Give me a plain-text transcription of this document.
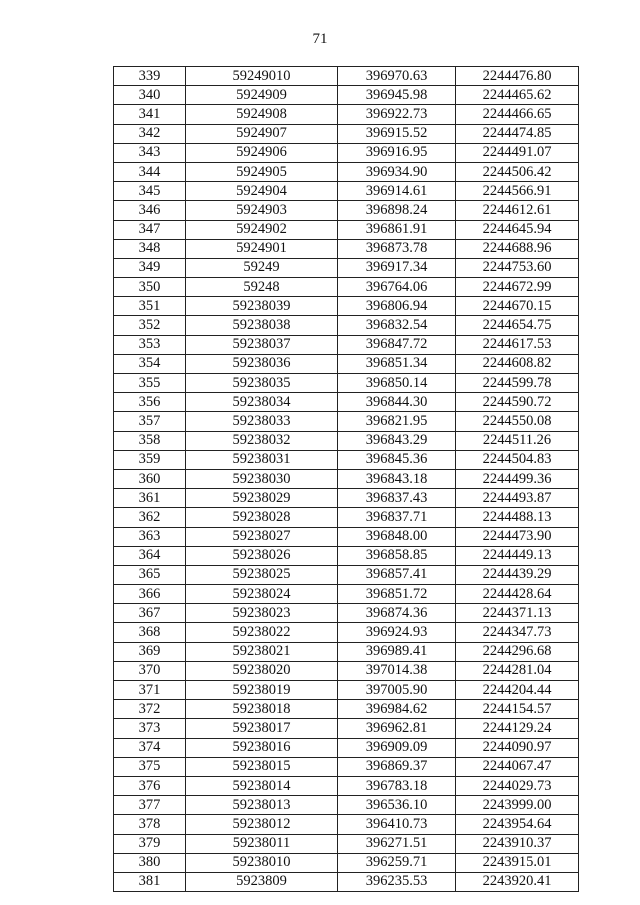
71
339	59249010	396970.63	2244476.80
340	5924909	396945.98	2244465.62
341	5924908	396922.73	2244466.65
342	5924907	396915.52	2244474.85
343	5924906	396916.95	2244491.07
344	5924905	396934.90	2244506.42
345	5924904	396914.61	2244566.91
346	5924903	396898.24	2244612.61
347	5924902	396861.91	2244645.94
348	5924901	396873.78	2244688.96
349	59249	396917.34	2244753.60
350	59248	396764.06	2244672.99
351	59238039	396806.94	2244670.15
352	59238038	396832.54	2244654.75
353	59238037	396847.72	2244617.53
354	59238036	396851.34	2244608.82
355	59238035	396850.14	2244599.78
356	59238034	396844.30	2244590.72
357	59238033	396821.95	2244550.08
358	59238032	396843.29	2244511.26
359	59238031	396845.36	2244504.83
360	59238030	396843.18	2244499.36
361	59238029	396837.43	2244493.87
362	59238028	396837.71	2244488.13
363	59238027	396848.00	2244473.90
364	59238026	396858.85	2244449.13
365	59238025	396857.41	2244439.29
366	59238024	396851.72	2244428.64
367	59238023	396874.36	2244371.13
368	59238022	396924.93	2244347.73
369	59238021	396989.41	2244296.68
370	59238020	397014.38	2244281.04
371	59238019	397005.90	2244204.44
372	59238018	396984.62	2244154.57
373	59238017	396962.81	2244129.24
374	59238016	396909.09	2244090.97
375	59238015	396869.37	2244067.47
376	59238014	396783.18	2244029.73
377	59238013	396536.10	2243999.00
378	59238012	396410.73	2243954.64
379	59238011	396271.51	2243910.37
380	59238010	396259.71	2243915.01
381	5923809	396235.53	2243920.41
